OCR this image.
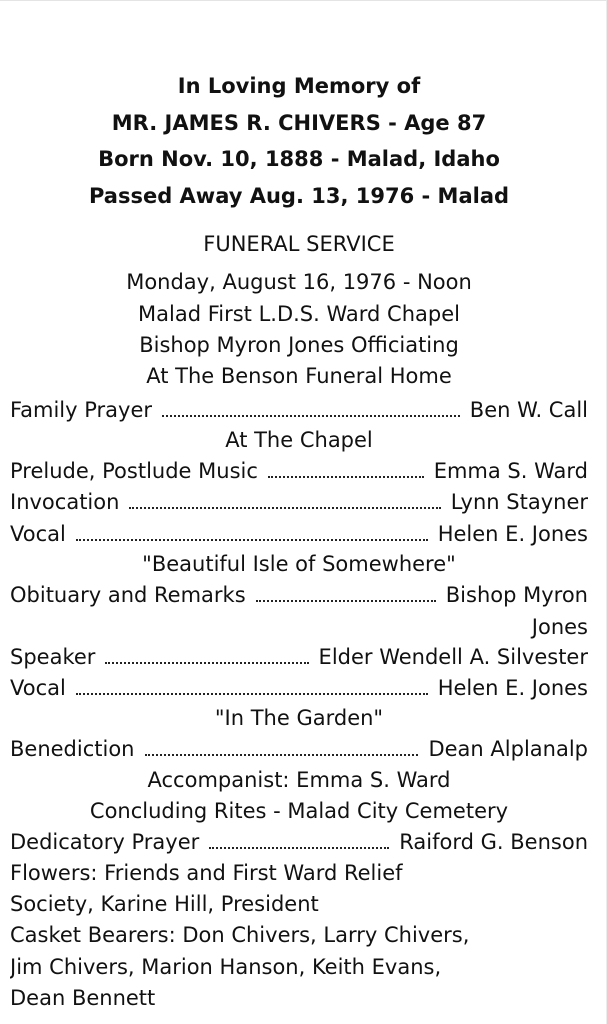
In Loving Memory of
MR. JAMES R. CHIVERS - Age 87
Born Nov. 10, 1888 - Malad, Idaho
Passed Away Aug. 13, 1976 - Malad
FUNERAL SERVICE
Monday, August 16, 1976 - Noon
Malad First L.D.S. Ward Chapel
Bishop Myron Jones Officiating
At The Benson Funeral Home
Family Prayer	Ben W. Call
At The Chapel
Prelude, Postlude Music	Emma S. Ward
Invocation	Lynn Stayner
Vocal	Helen E. Jones
"Beautiful Isle of Somewhere"
Obituary and Remarks	Bishop Myron
Jones
Speaker	Elder Wendell A. Silvester
Vocal	Helen E. Jones
"In The Garden"
Benediction	Dean Alplanalp
Accompanist: Emma S. Ward
Concluding Rites - Malad City Cemetery
Dedicatory Prayer	Raiford G. Benson
Flowers: Friends and First Ward Relief
Society, Karine Hill, President
Casket Bearers: Don Chivers, Larry Chivers,
Jim Chivers, Marion Hanson, Keith Evans,
Dean Bennett
